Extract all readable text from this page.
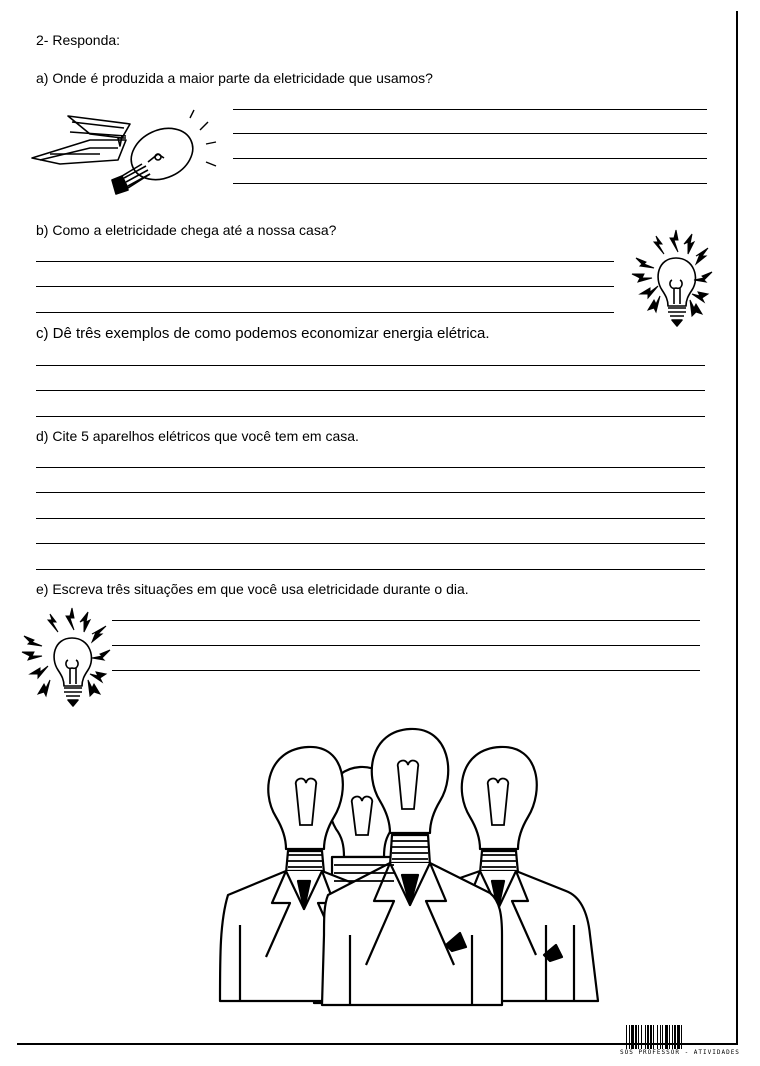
2- Responda:
a) Onde é produzida a maior parte da eletricidade que usamos?
b) Como a eletricidade chega até a nossa casa?
c) Dê três exemplos de como podemos economizar energia elétrica.
d) Cite 5 aparelhos elétricos que você tem em casa.
e) Escreva três situações em que você usa eletricidade durante o dia.
SOS PROFESSOR - ATIVIDADES
